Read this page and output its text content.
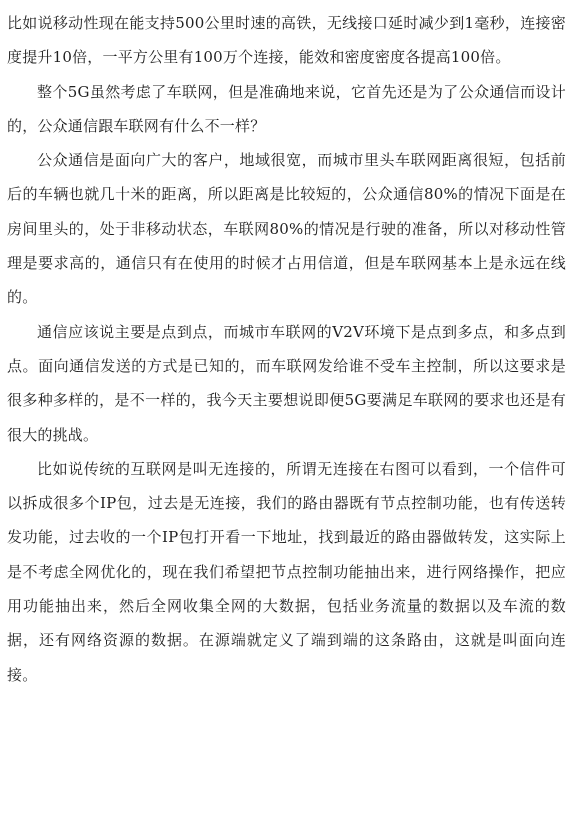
比如说移动性现在能支持500公里时速的高铁，无线接口延时减少到1毫秒，连接密度提升10倍，一平方公里有100万个连接，能效和密度密度各提高100倍。

整个5G虽然考虑了车联网，但是准确地来说，它首先还是为了公众通信而设计的，公众通信跟车联网有什么不一样？

公众通信是面向广大的客户，地域很宽，而城市里头车联网距离很短，包括前后的车辆也就几十米的距离，所以距离是比较短的，公众通信80%的情况下面是在房间里头的，处于非移动状态，车联网80%的情况是行驶的准备，所以对移动性管理是要求高的，通信只有在使用的时候才占用信道，但是车联网基本上是永远在线的。

通信应该说主要是点到点，而城市车联网的V2V环境下是点到多点，和多点到点。面向通信发送的方式是已知的，而车联网发给谁不受车主控制，所以这要求是很多种多样的，是不一样的，我今天主要想说即便5G要满足车联网的要求也还是有很大的挑战。

比如说传统的互联网是叫无连接的，所谓无连接在右图可以看到，一个信件可以拆成很多个IP包，过去是无连接，我们的路由器既有节点控制功能，也有传送转发功能，过去收的一个IP包打开看一下地址，找到最近的路由器做转发，这实际上是不考虑全网优化的，现在我们希望把节点控制功能抽出来，进行网络操作，把应用功能抽出来，然后全网收集全网的大数据，包括业务流量的数据以及车流的数据，还有网络资源的数据。在源端就定义了端到端的这条路由，这就是叫面向连接。
